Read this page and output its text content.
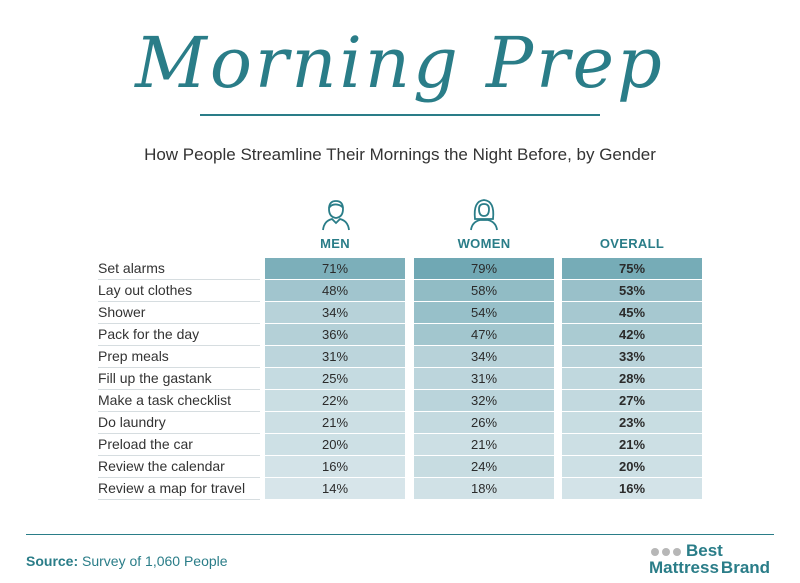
Morning Prep
How People Streamline Their Mornings the Night Before, by Gender
MEN	WOMEN	OVERALL
Set alarms	71%	79%	75%
Lay out clothes	48%	58%	53%
Shower	34%	54%	45%
Pack for the day	36%	47%	42%
Prep meals	31%	34%	33%
Fill up the gastank	25%	31%	28%
Make a task checklist	22%	32%	27%
Do laundry	21%	26%	23%
Preload the car	20%	21%	21%
Review the calendar	16%	24%	20%
Review a map for travel	14%	18%	16%
Source: Survey of 1,060 People
Best
Mattress Brand
